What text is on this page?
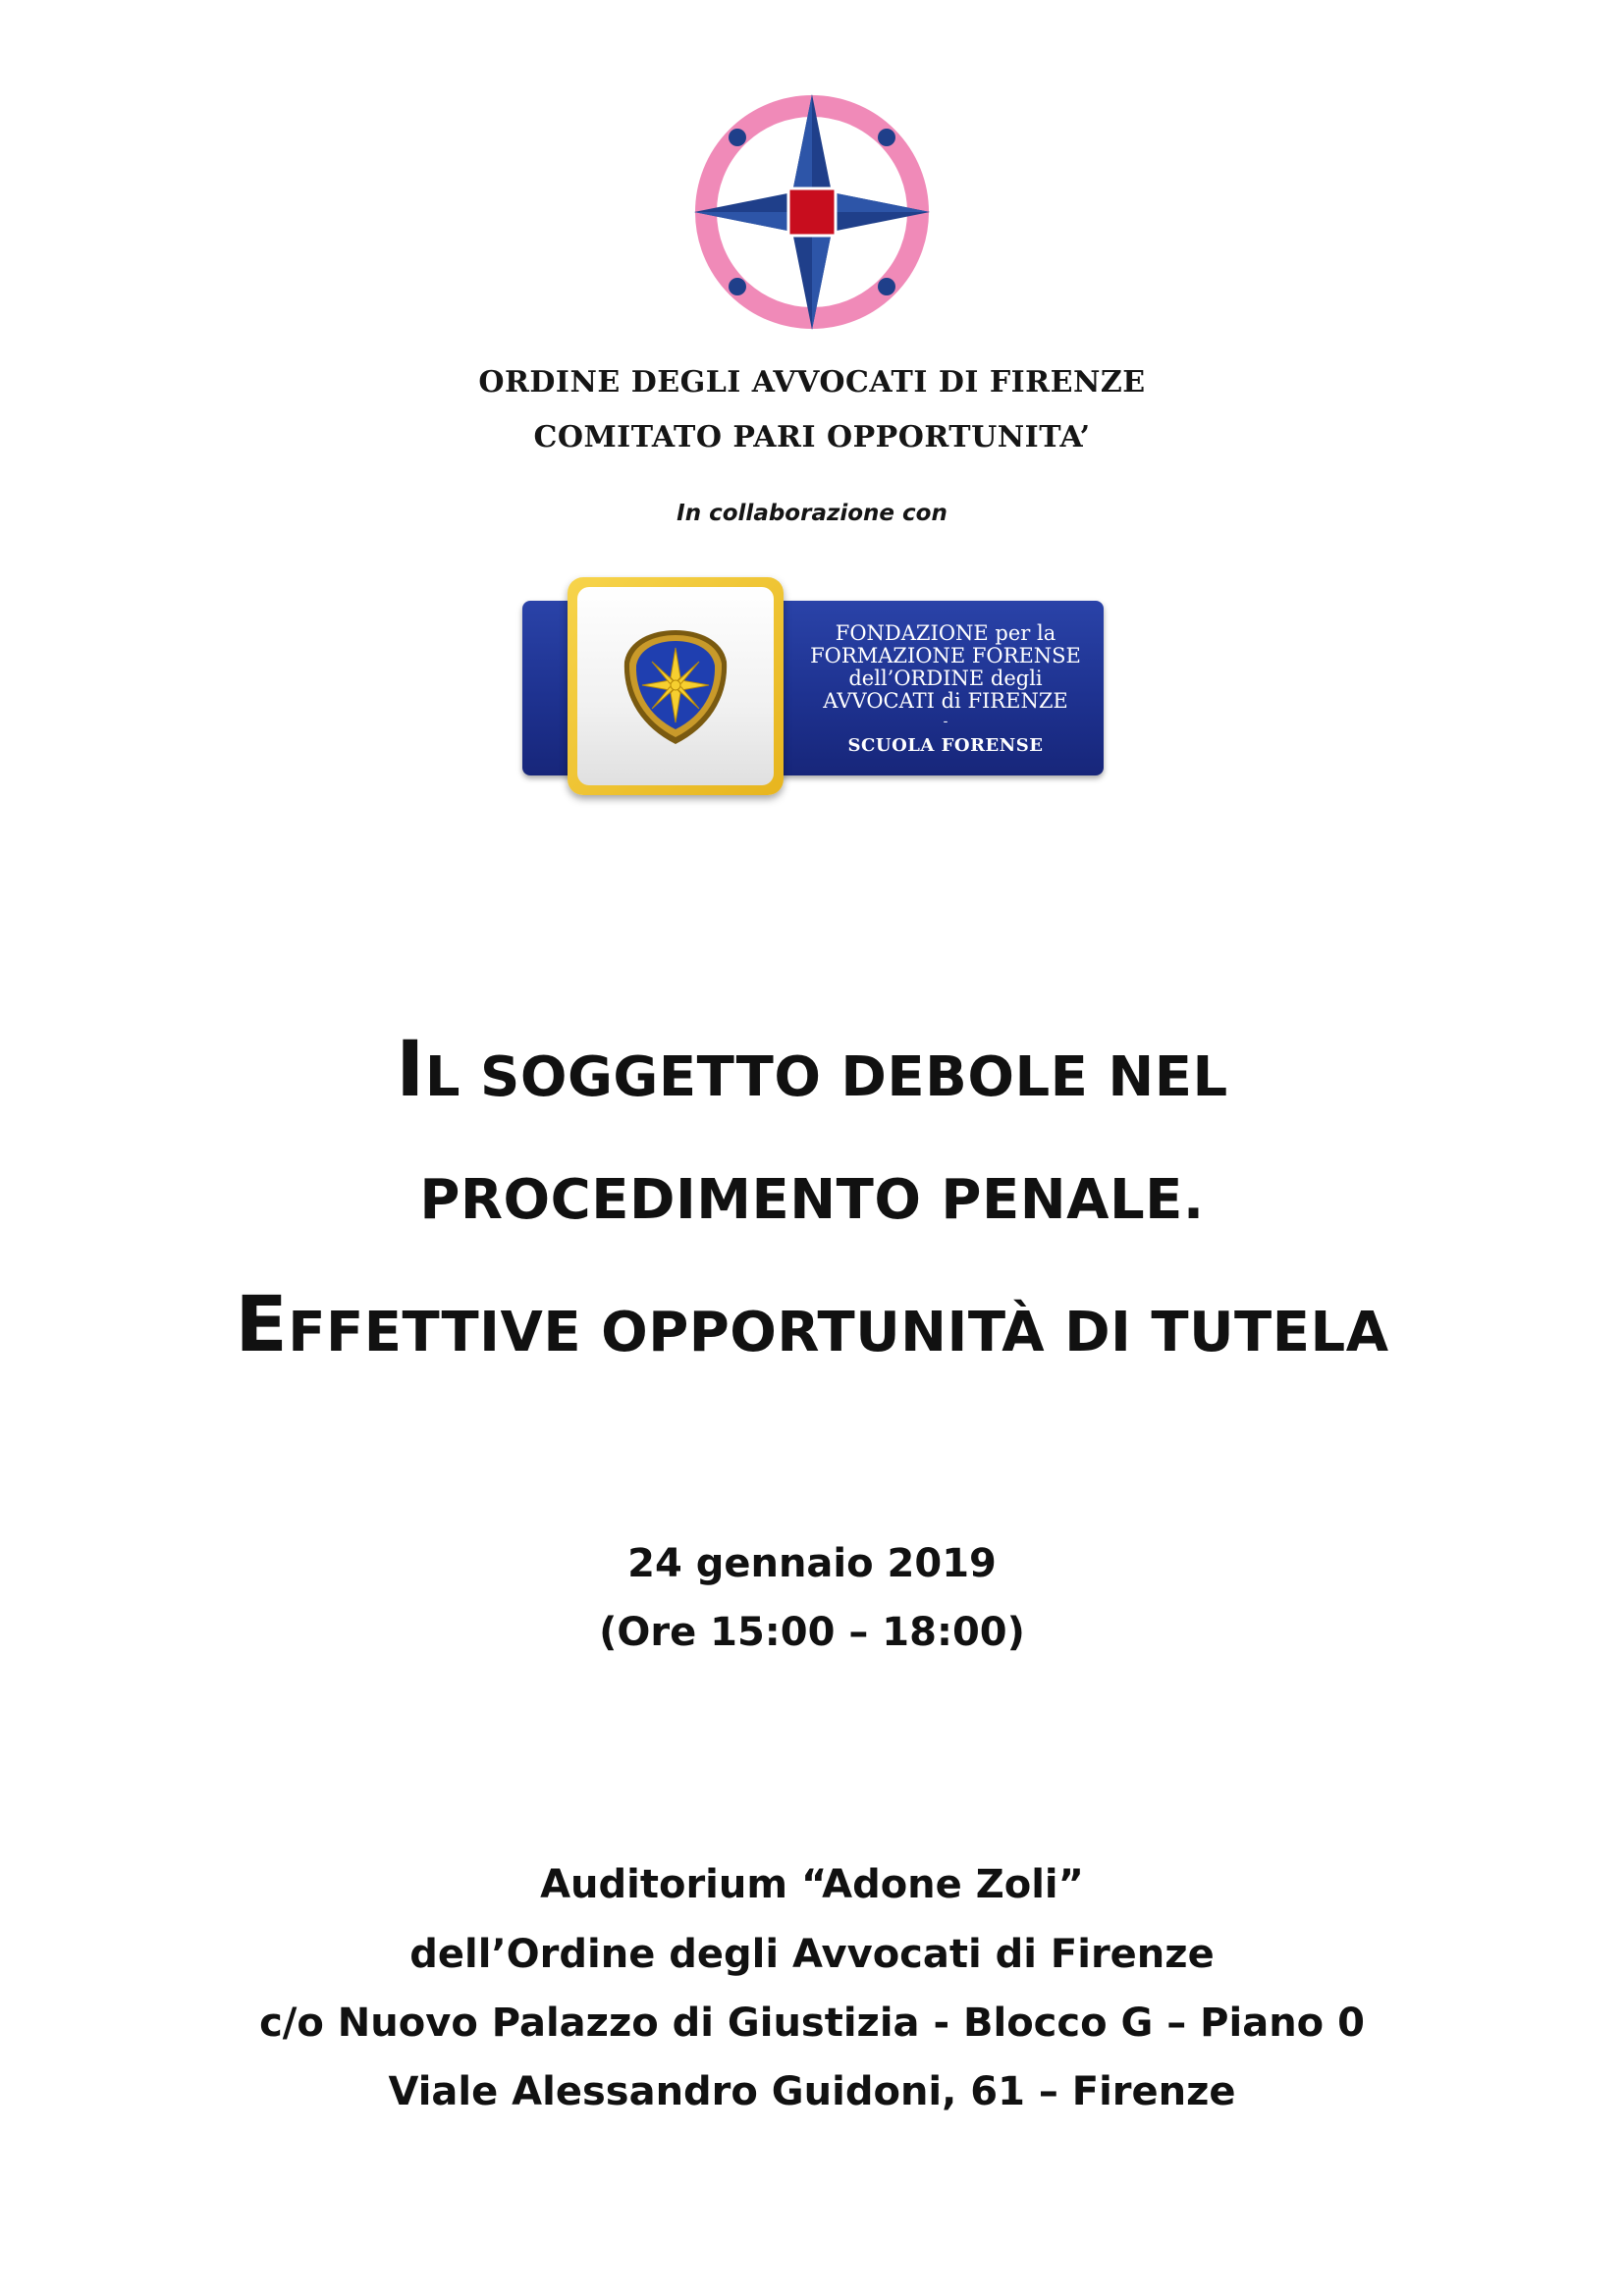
ORDINE DEGLI AVVOCATI DI FIRENZE
COMITATO PARI OPPORTUNITA’
In collaborazione con
FONDAZIONE per la
FORMAZIONE FORENSE
dell’ORDINE degli
AVVOCATI di FIRENZE
-
SCUOLA FORENSE
IL SOGGETTO DEBOLE NEL
PROCEDIMENTO PENALE.
EFFETTIVE OPPORTUNITÀ DI TUTELA
24 gennaio 2019
(Ore 15:00 – 18:00)
Auditorium “Adone Zoli”
dell’Ordine degli Avvocati di Firenze
c/o Nuovo Palazzo di Giustizia - Blocco G – Piano 0
Viale Alessandro Guidoni, 61 – Firenze
